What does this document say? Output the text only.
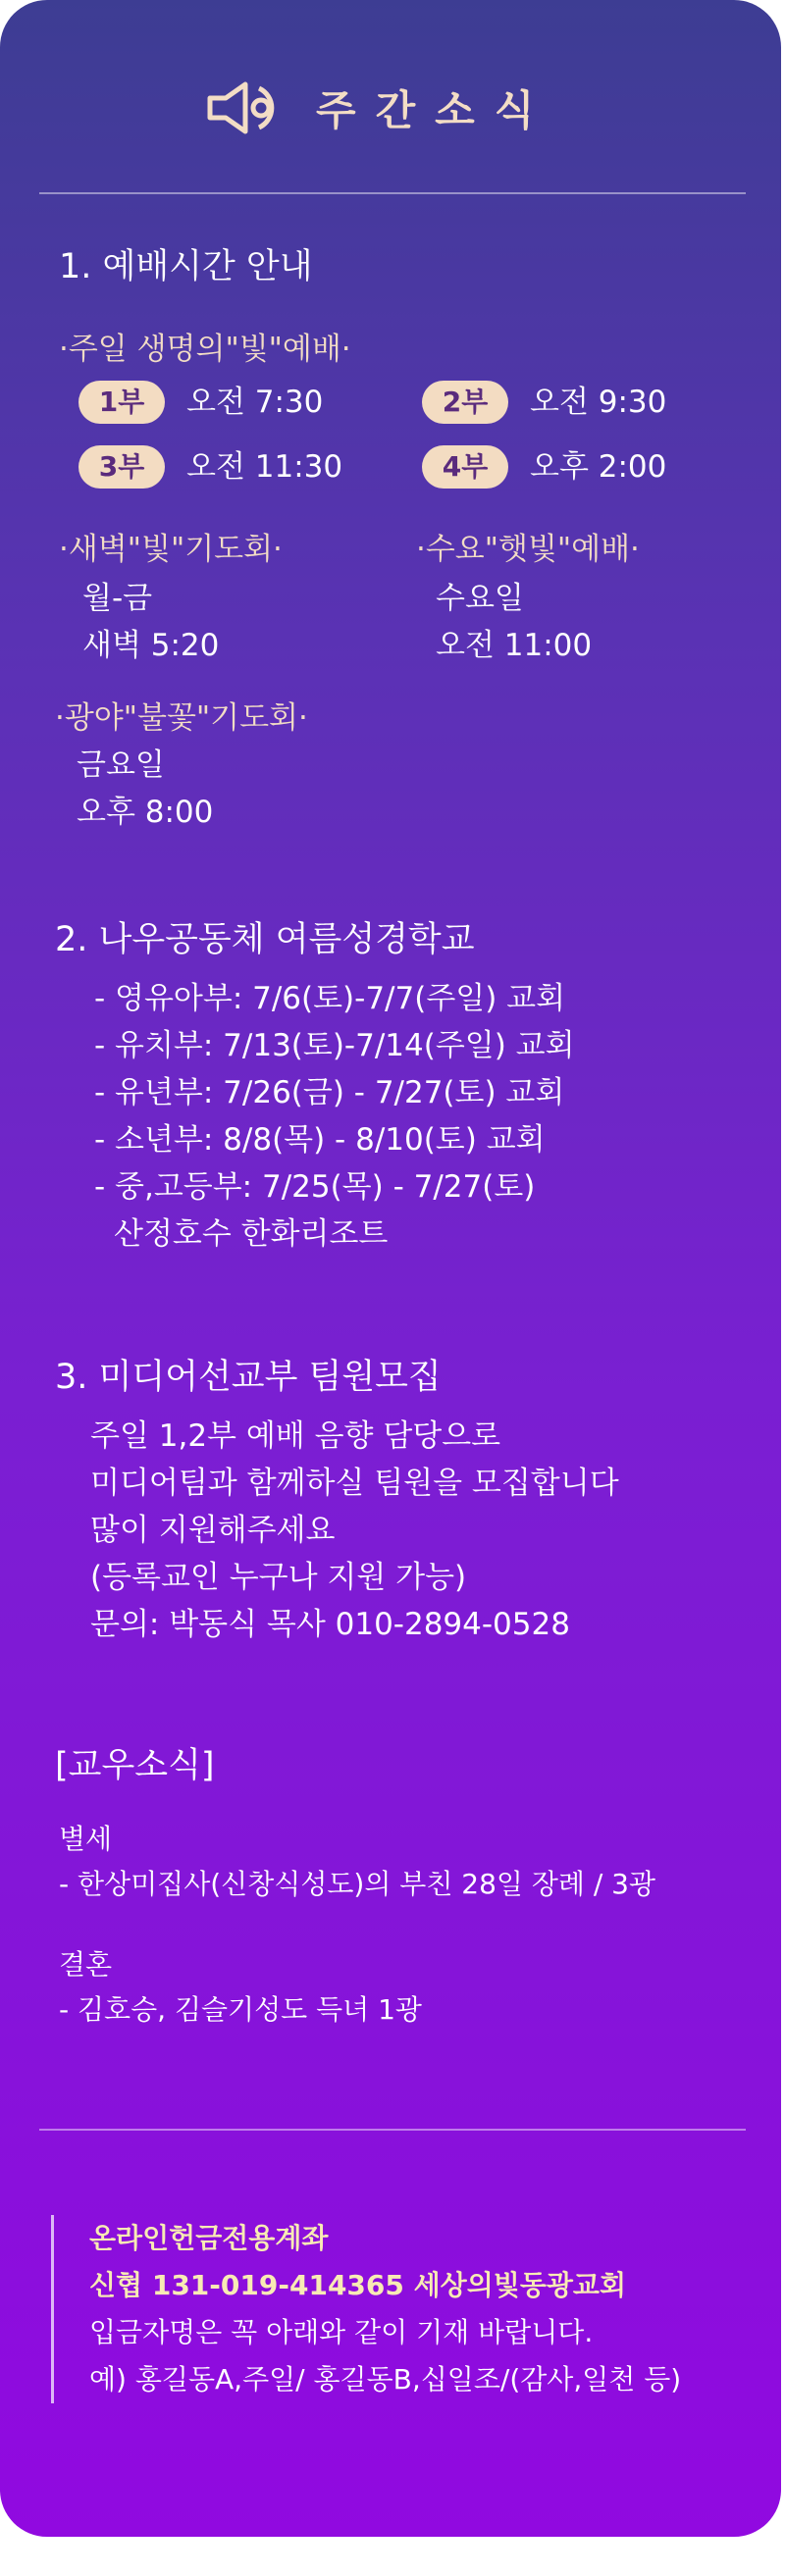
주간소식
1. 예배시간 안내
·주일 생명의"빛"예배·
1부	오전 7:30	2부	오전 9:30
3부	오전 11:30	4부	오후 2:00
·새벽"빛"기도회·
월-금
새벽 5:20
·수요"햇빛"예배·
수요일
오전 11:00
·광야"불꽃"기도회·
금요일
오후 8:00
2. 나우공동체 여름성경학교
- 영유아부: 7/6(토)-7/7(주일) 교회
- 유치부: 7/13(토)-7/14(주일) 교회
- 유년부: 7/26(금) - 7/27(토) 교회
- 소년부: 8/8(목) - 8/10(토) 교회
- 중,고등부: 7/25(목) - 7/27(토)
산정호수 한화리조트
3. 미디어선교부 팀원모집
주일 1,2부 예배 음향 담당으로
미디어팀과 함께하실 팀원을 모집합니다
많이 지원해주세요
(등록교인 누구나 지원 가능)
문의: 박동식 목사 010-2894-0528
[교우소식]
별세
- 한상미집사(신창식성도)의 부친 28일 장례 / 3광
결혼
- 김호승, 김슬기성도 득녀 1광
온라인헌금전용계좌
신협 131-019-414365 세상의빛동광교회
입금자명은 꼭 아래와 같이 기재 바랍니다.
예) 홍길동A,주일/ 홍길동B,십일조/(감사,일천 등)
